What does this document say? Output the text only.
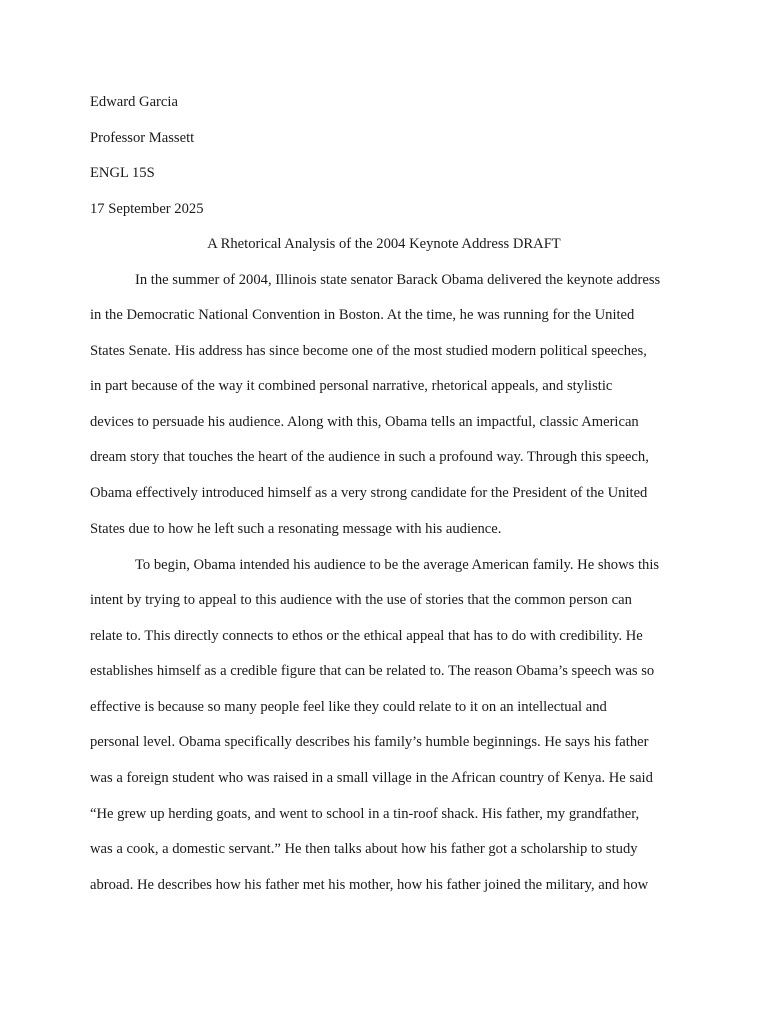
Edward Garcia
Professor Massett
ENGL 15S
17 September 2025
A Rhetorical Analysis of the 2004 Keynote Address DRAFT
In the summer of 2004, Illinois state senator Barack Obama delivered the keynote address
in the Democratic National Convention in Boston. At the time, he was running for the United
States Senate. His address has since become one of the most studied modern political speeches,
in part because of the way it combined personal narrative, rhetorical appeals, and stylistic
devices to persuade his audience. Along with this, Obama tells an impactful, classic American
dream story that touches the heart of the audience in such a profound way. Through this speech,
Obama effectively introduced himself as a very strong candidate for the President of the United
States due to how he left such a resonating message with his audience.
To begin, Obama intended his audience to be the average American family. He shows this
intent by trying to appeal to this audience with the use of stories that the common person can
relate to. This directly connects to ethos or the ethical appeal that has to do with credibility. He
establishes himself as a credible figure that can be related to. The reason Obama’s speech was so
effective is because so many people feel like they could relate to it on an intellectual and
personal level. Obama specifically describes his family’s humble beginnings. He says his father
was a foreign student who was raised in a small village in the African country of Kenya. He said
“He grew up herding goats, and went to school in a tin-roof shack. His father, my grandfather,
was a cook, a domestic servant.” He then talks about how his father got a scholarship to study
abroad. He describes how his father met his mother, how his father joined the military, and how
